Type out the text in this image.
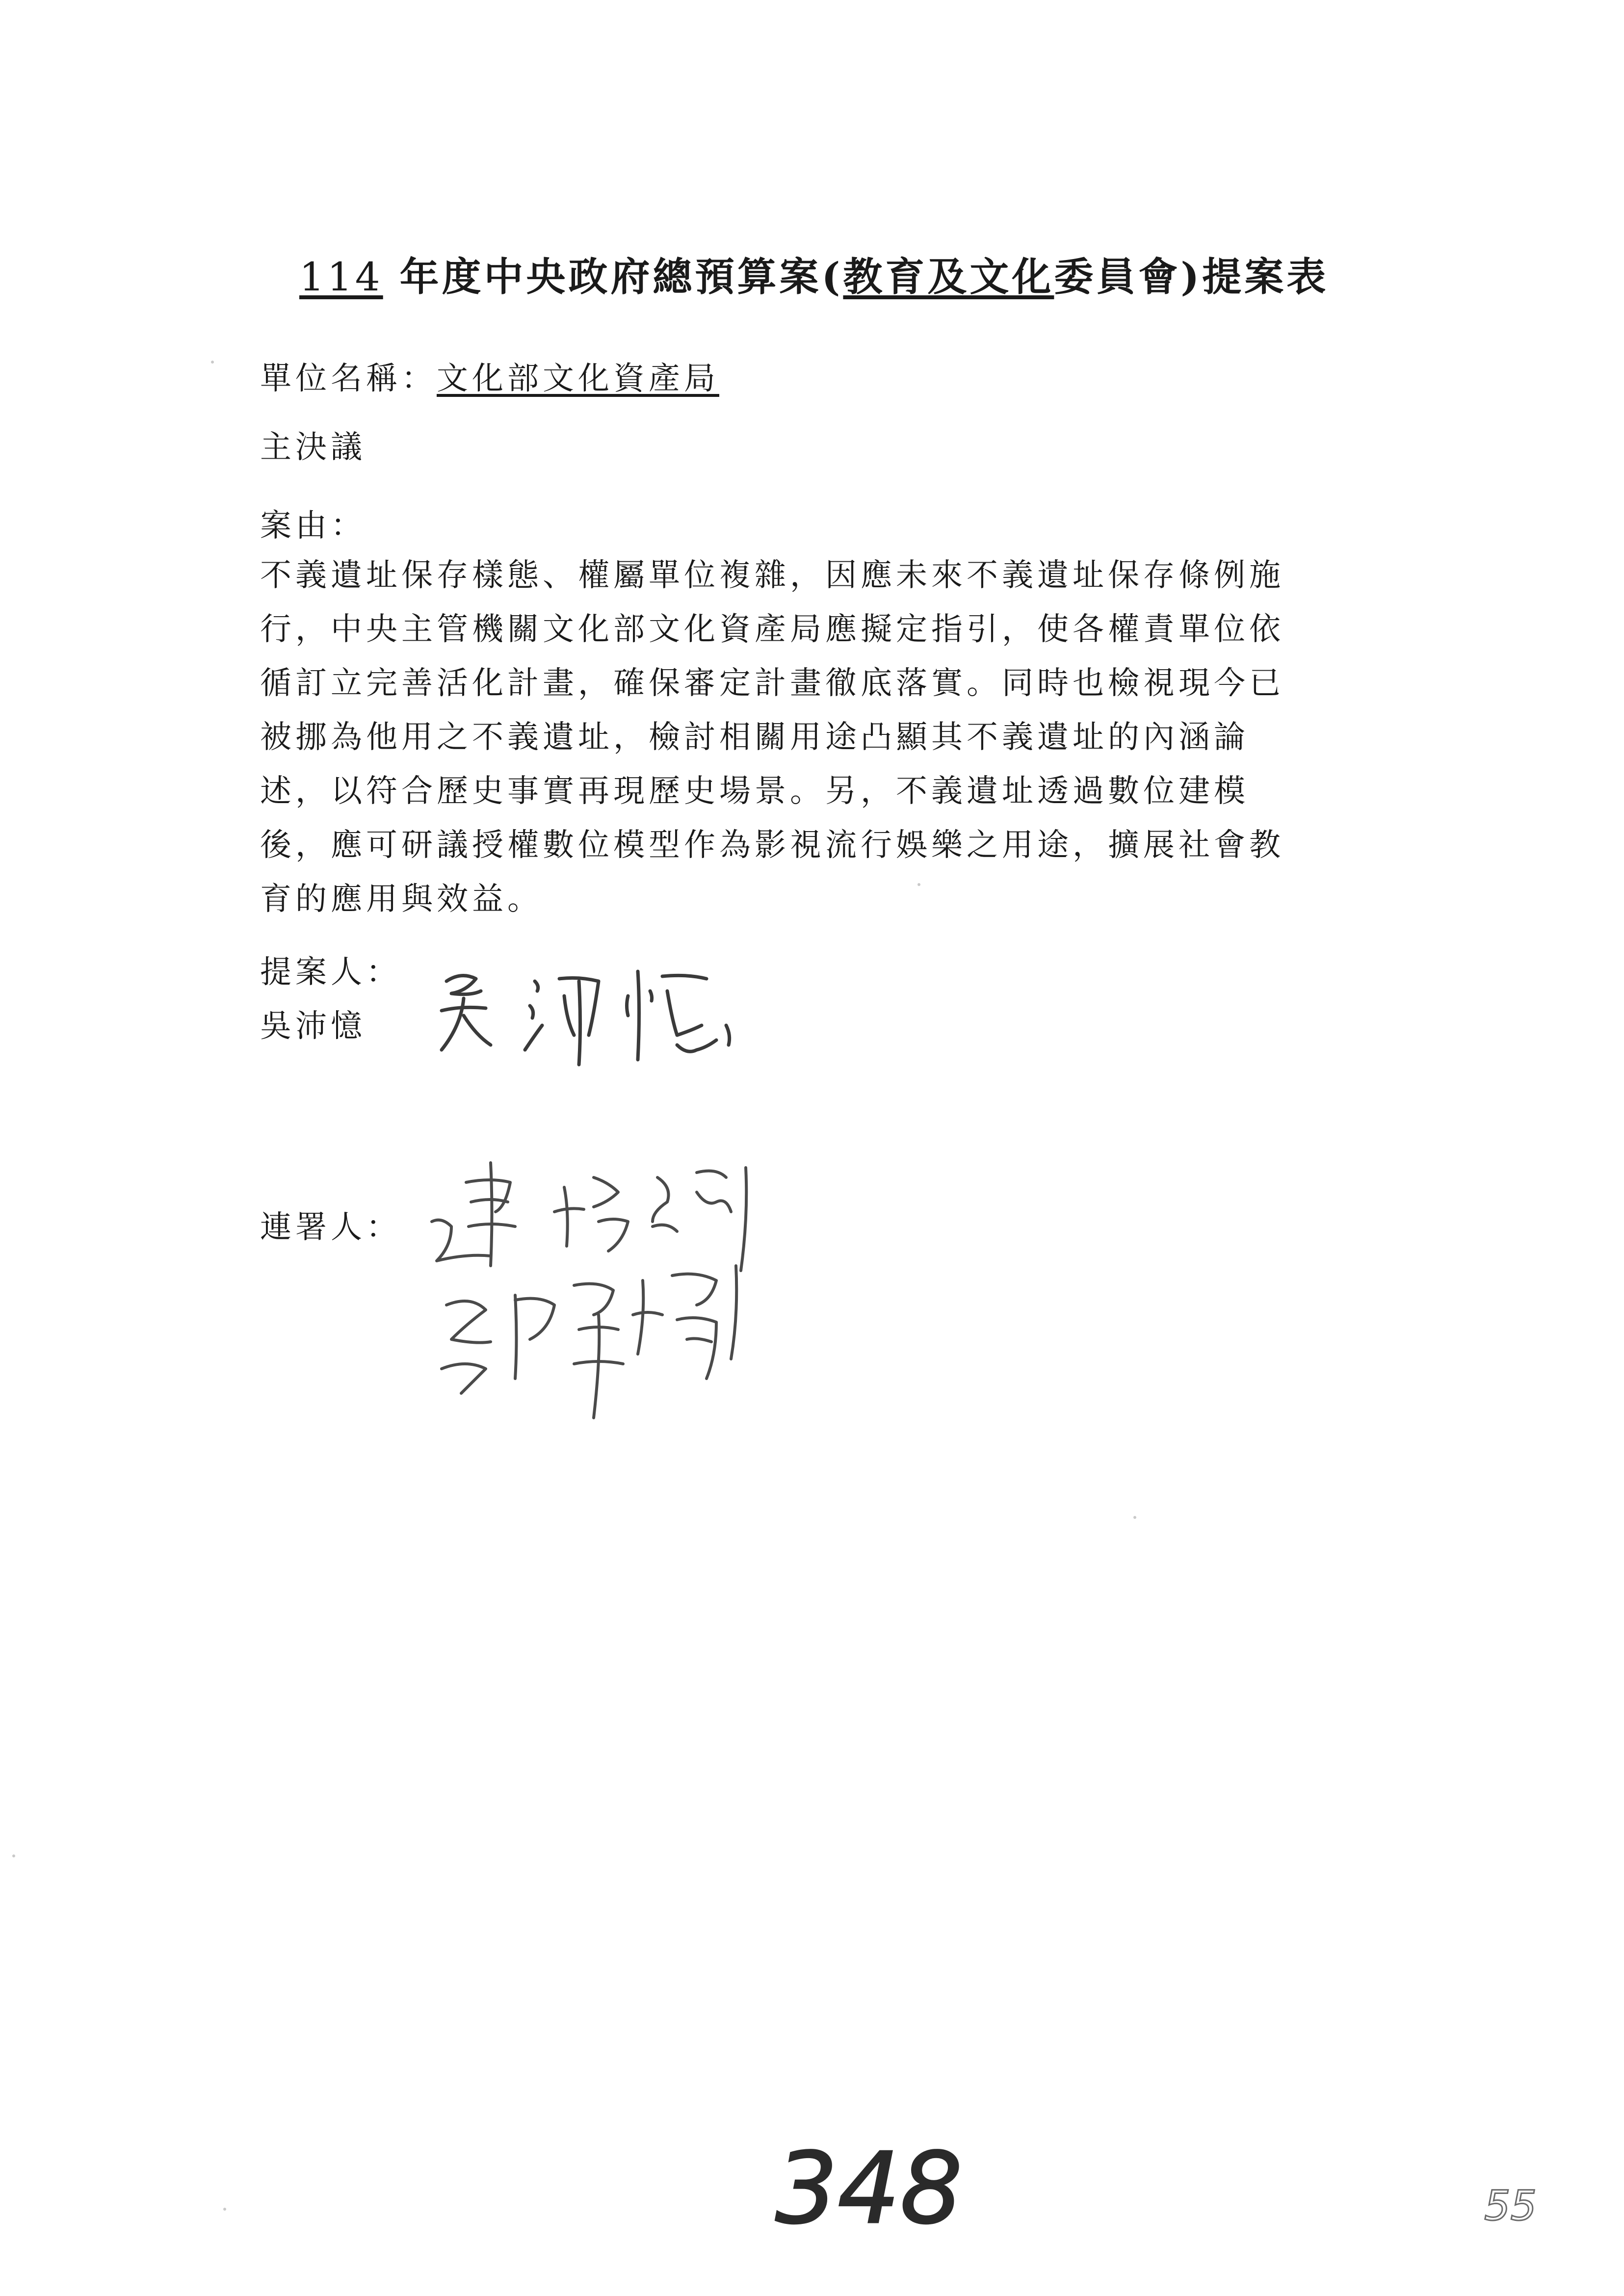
114 年度中央政府總預算案(教育及文化委員會)提案表
單位名稱：文化部文化資產局
主決議
案由：
不義遺址保存樣態、權屬單位複雜，因應未來不義遺址保存條例施
行，中央主管機關文化部文化資產局應擬定指引，使各權責單位依
循訂立完善活化計畫，確保審定計畫徹底落實。同時也檢視現今已
被挪為他用之不義遺址，檢討相關用途凸顯其不義遺址的內涵論
述，以符合歷史事實再現歷史場景。另，不義遺址透過數位建模
後，應可研議授權數位模型作為影視流行娛樂之用途，擴展社會教
育的應用與效益。
提案人：
吳沛憶
連署人：
348	55
